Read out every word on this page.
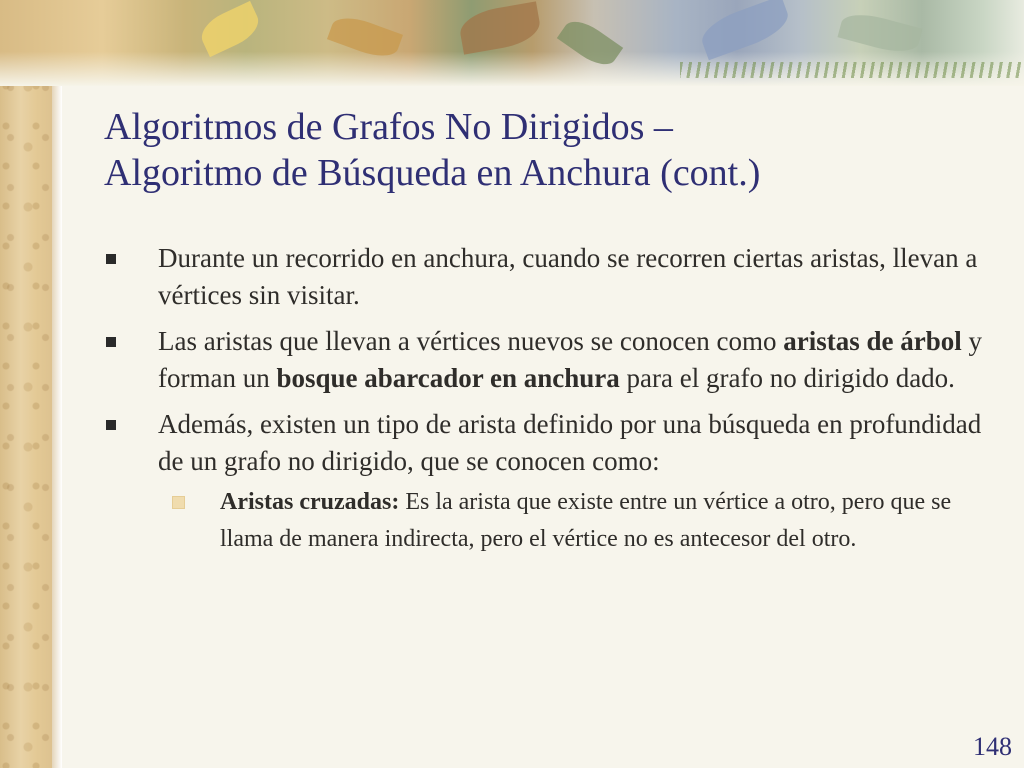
Algoritmos de Grafos No Dirigidos –
Algoritmo de Búsqueda en Anchura (cont.)
Durante un recorrido en anchura, cuando se recorren ciertas aristas, llevan a vértices sin visitar.
Las aristas que llevan a vértices nuevos se conocen como aristas de árbol y forman un bosque abarcador en anchura para el grafo no dirigido dado.
Además, existen un tipo de arista definido por una búsqueda en profundidad de un grafo no dirigido, que se conocen como:
Aristas cruzadas: Es la arista que existe entre un vértice a otro, pero que se llama de manera indirecta, pero el vértice no es antecesor del otro.
148
